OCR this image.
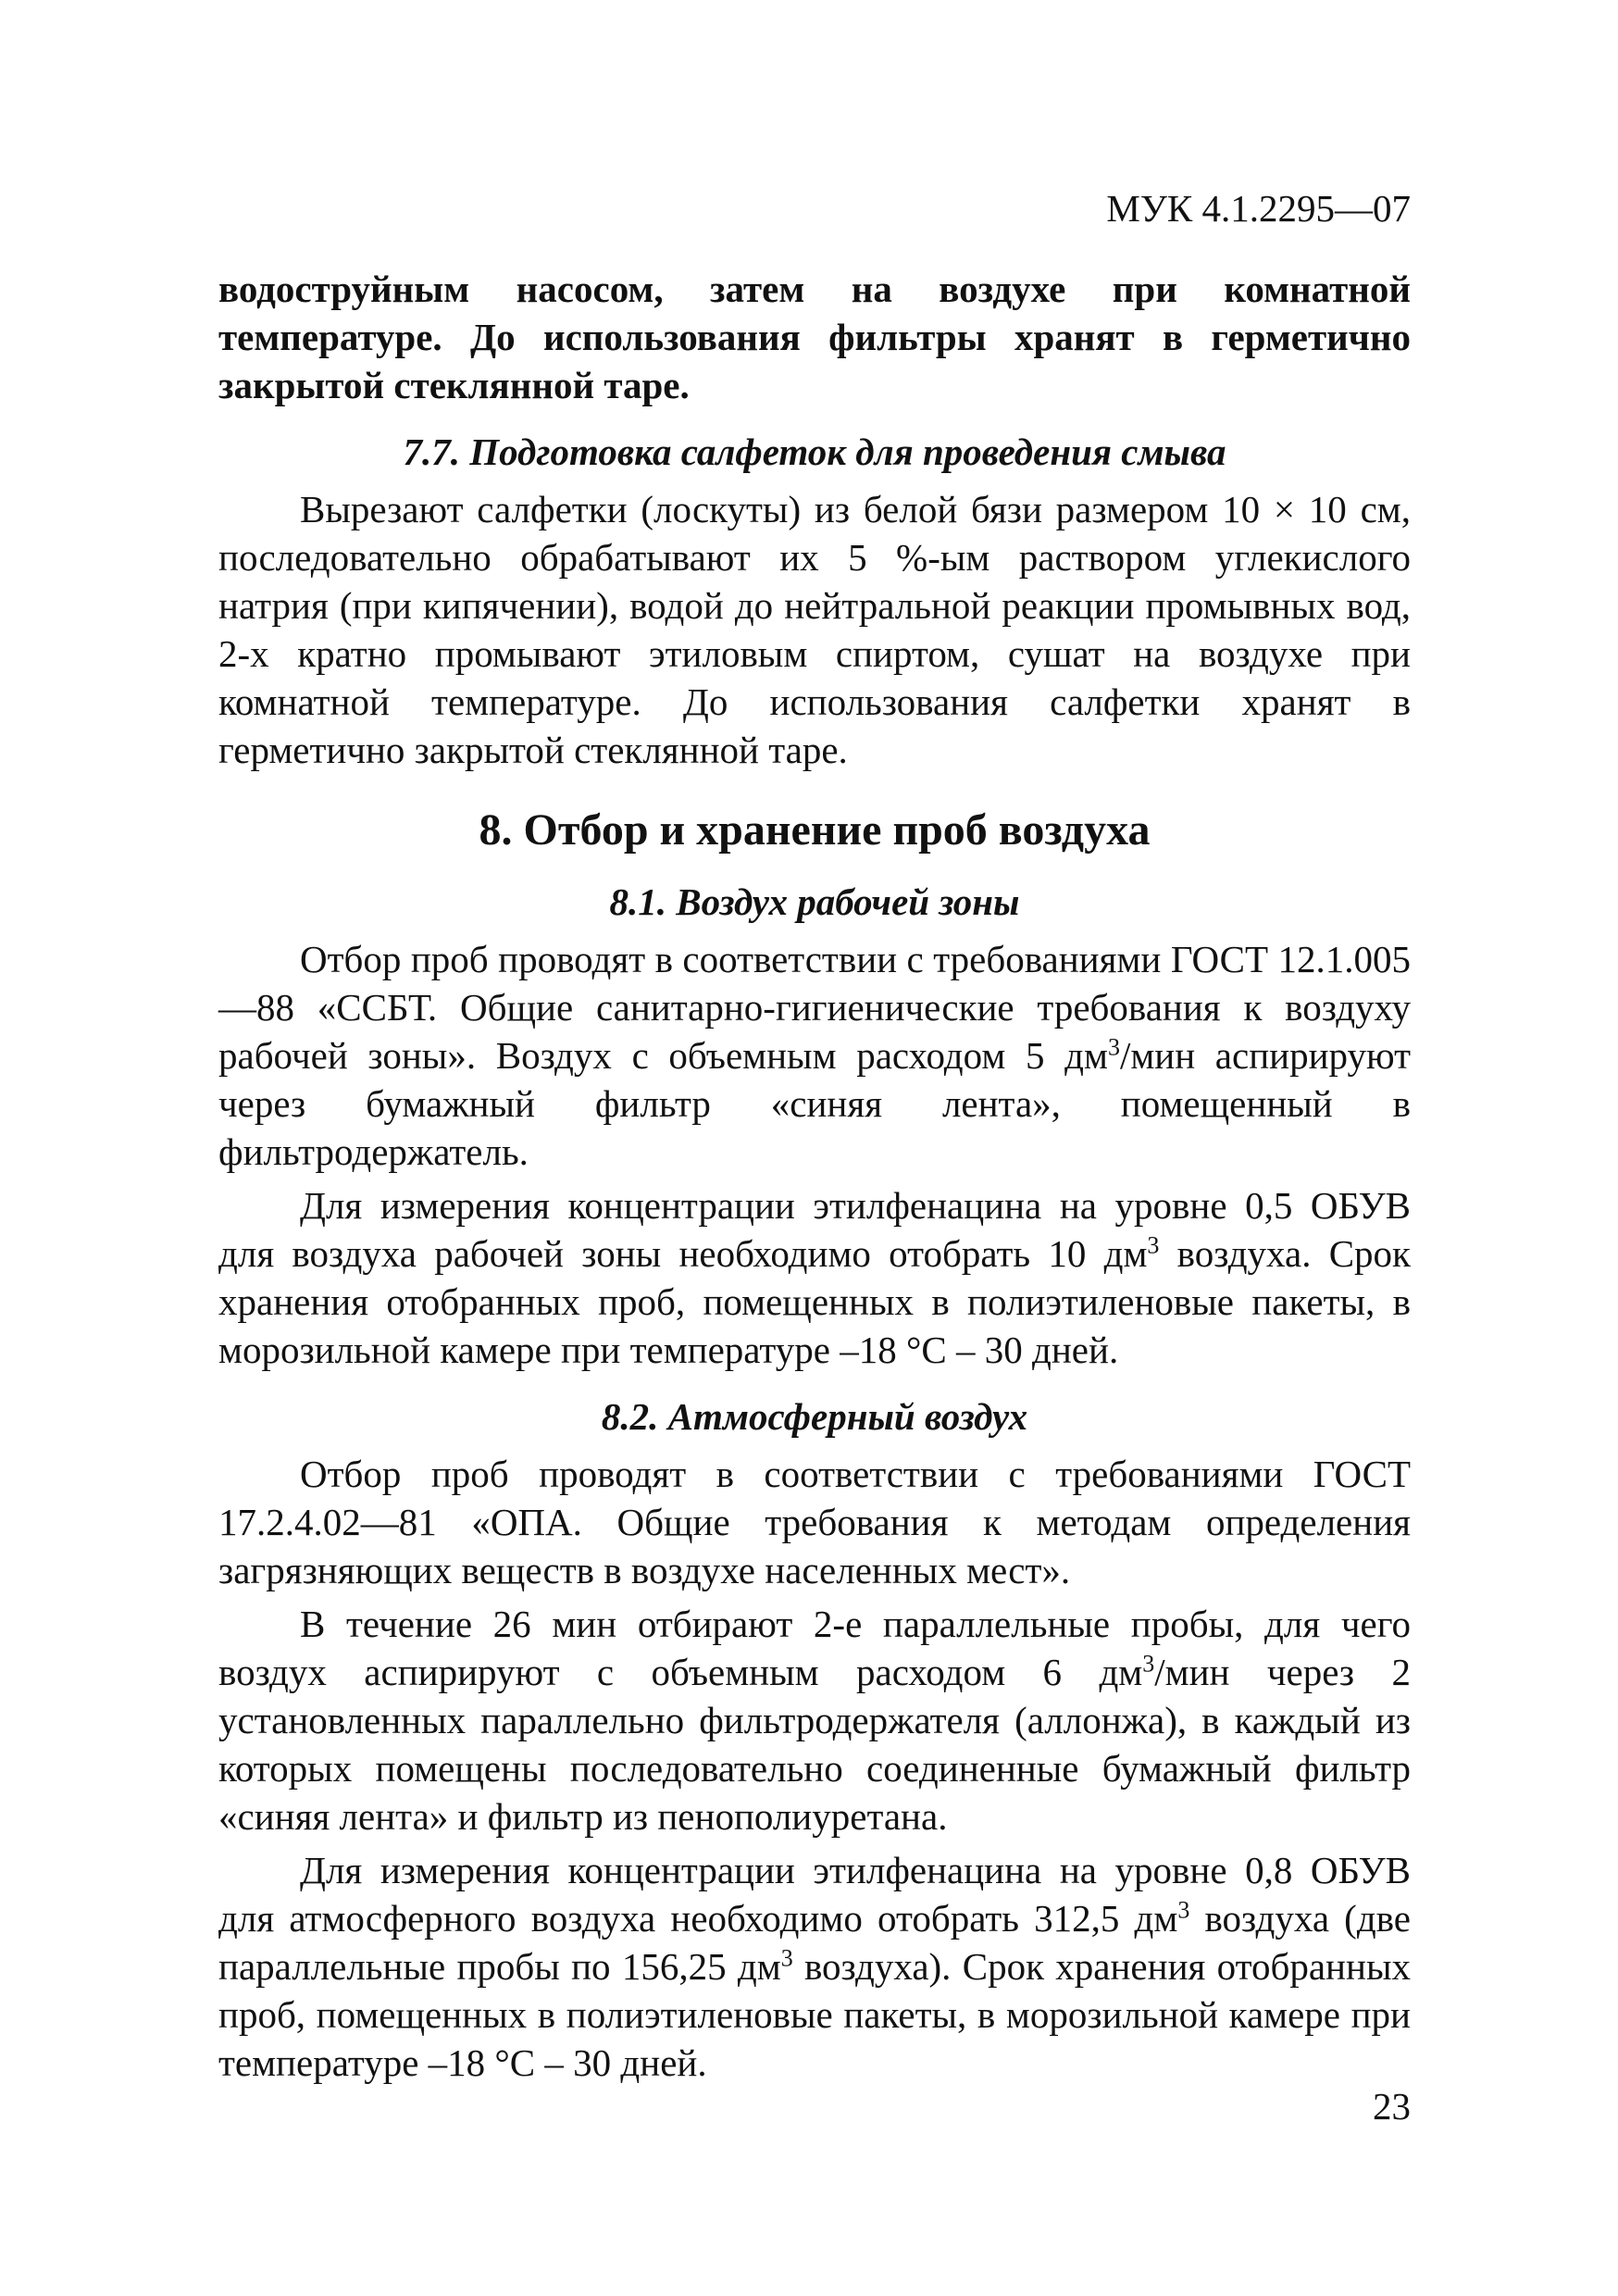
МУК 4.1.2295—07

водоструйным насосом, затем на воздухе при комнатной температуре. До использования фильтры хранят в герметично закрытой стеклянной таре.

7.7. Подготовка салфеток для проведения смыва

Вырезают салфетки (лоскуты) из белой бязи размером 10 × 10 см, последовательно обрабатывают их 5 %-ым раствором углекислого натрия (при кипячении), водой до нейтральной реакции промывных вод, 2-х кратно промывают этиловым спиртом, сушат на воздухе при комнатной температуре. До использования салфетки хранят в герметично закрытой стеклянной таре.

8. Отбор и хранение проб воздуха
8.1. Воздух рабочей зоны

Отбор проб проводят в соответствии с требованиями ГОСТ 12.1.005—88 «ССБТ. Общие санитарно-гигиенические требования к воздуху рабочей зоны». Воздух с объемным расходом 5 $дм^3$/мин аспирируют через бумажный фильтр «синяя лента», помещенный в фильтродержатель.

Для измерения концентрации этилфенацина на уровне 0,5 ОБУВ для воздуха рабочей зоны необходимо отобрать 10 $дм^3$ воздуха. Срок хранения отобранных проб, помещенных в полиэтиленовые пакеты, в морозильной камере при температуре –18 °С – 30 дней.

8.2. Атмосферный воздух

Отбор проб проводят в соответствии с требованиями ГОСТ 17.2.4.02—81 «ОПА. Общие требования к методам определения загрязняющих веществ в воздухе населенных мест».

В течение 26 мин отбирают 2-е параллельные пробы, для чего воздух аспирируют с объемным расходом 6 $дм^3$/мин через 2 установленных параллельно фильтродержателя (аллонжа), в каждый из которых помещены последовательно соединенные бумажный фильтр «синяя лента» и фильтр из пенополиуретана.

Для измерения концентрации этилфенацина на уровне 0,8 ОБУВ для атмосферного воздуха необходимо отобрать 312,5 $дм^3$ воздуха (две параллельные пробы по 156,25 $дм^3$ воздуха). Срок хранения отобранных проб, помещенных в полиэтиленовые пакеты, в морозильной камере при температуре –18 °С – 30 дней.

23
